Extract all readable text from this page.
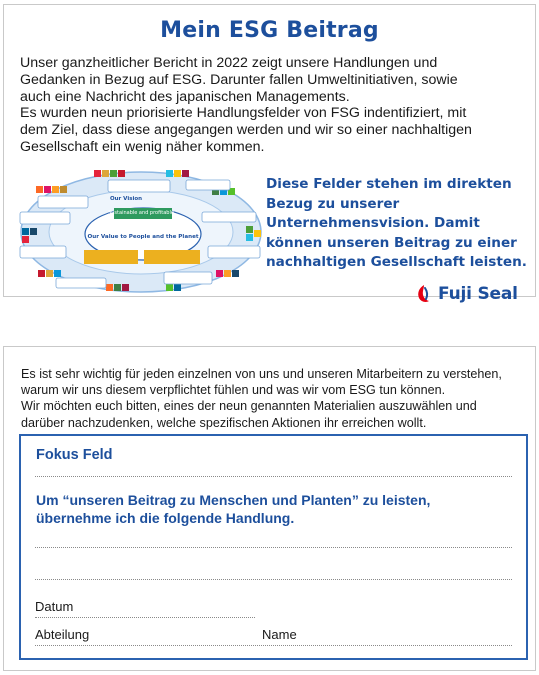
Mein ESG Beitrag

Unser ganzheitlicher Bericht in 2022 zeigt unsere Handlungen und

Gedanken in Bezug auf ESG. Darunter fallen Umweltinitiativen, sowie

auch eine Nachricht des japanischen Managements.

Es wurden neun priorisierte Handlungsfelder von FSG indentifiziert, mit

dem Ziel, dass diese angegangen werden und wir so einer nachhaltigen

Gesellschaft ein wenig näher kommen.

Sustainable and profitable
Our Vision
Our Value to People and the Planet
Diese Felder stehen im direkten
Bezug zu unserer
Unternehmensvision. Damit
können unseren Beitrag zu einer
nachhaltigen Gesellschaft leisten.
Fuji Seal

Es ist sehr wichtig für jeden einzelnen von uns und unseren Mitarbeitern zu verstehen,

warum wir uns diesem verpflichtet fühlen und was wir vom ESG tun können.

Wir möchten euch bitten, eines der neun genannten Materialien auszuwählen und

darüber nachzudenken, welche spezifischen Aktionen ihr erreichen wollt.

Fokus Feld
Um “unseren Beitrag zu Menschen und Planten” zu leisten,
übernehme ich die folgende Handlung.
Datum
Abteilung	Name
